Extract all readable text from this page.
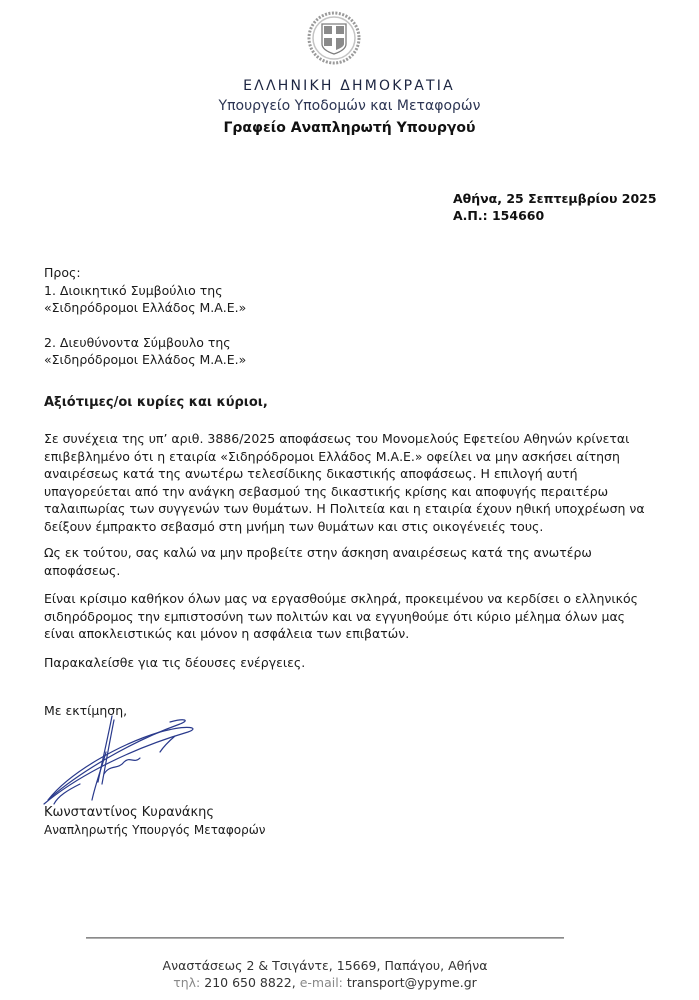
ΕΛΛΗΝΙΚΗ ΔΗΜΟΚΡΑΤΙΑ
Υπουργείο Υποδομών και Μεταφορών
Γραφείο Αναπληρωτή Υπουργού
Αθήνα, 25 Σεπτεμβρίου 2025
Α.Π.: 154660

Προς:

1. Διοικητικό Συμβούλιο της

«Σιδηρόδρομοι Ελλάδος Μ.Α.Ε.»

2. Διευθύνοντα Σύμβουλο της

«Σιδηρόδρομοι Ελλάδος Μ.Α.Ε.»

Αξιότιμες/οι κυρίες και κύριοι,
Σε συνέχεια της υπ’ αριθ. 3886/2025 αποφάσεως του Μονομελούς Εφετείου Αθηνών κρίνεται
επιβεβλημένο ότι η εταιρία «Σιδηρόδρομοι Ελλάδος Μ.Α.Ε.» οφείλει να μην ασκήσει αίτηση
αναιρέσεως κατά της ανωτέρω τελεσίδικης δικαστικής αποφάσεως. Η επιλογή αυτή
υπαγορεύεται από την ανάγκη σεβασμού της δικαστικής κρίσης και αποφυγής περαιτέρω
ταλαιπωρίας των συγγενών των θυμάτων. Η Πολιτεία και η εταιρία έχουν ηθική υποχρέωση να
δείξουν έμπρακτο σεβασμό στη μνήμη των θυμάτων και στις οικογένειές τους.
Ως εκ τούτου, σας καλώ να μην προβείτε στην άσκηση αναιρέσεως κατά της ανωτέρω
αποφάσεως.
Είναι κρίσιμο καθήκον όλων μας να εργασθούμε σκληρά, προκειμένου να κερδίσει ο ελληνικός
σιδηρόδρομος την εμπιστοσύνη των πολιτών και να εγγυηθούμε ότι κύριο μέλημα όλων μας
είναι αποκλειστικώς και μόνον η ασφάλεια των επιβατών.
Παρακαλείσθε για τις δέουσες ενέργειες.
Με εκτίμηση,
Κωνσταντίνος Κυρανάκης
Αναπληρωτής Υπουργός Μεταφορών
Αναστάσεως 2 & Τσιγάντε, 15669, Παπάγου, Αθήνα
τηλ: 210 650 8822, e-mail: transport@ypyme.gr
